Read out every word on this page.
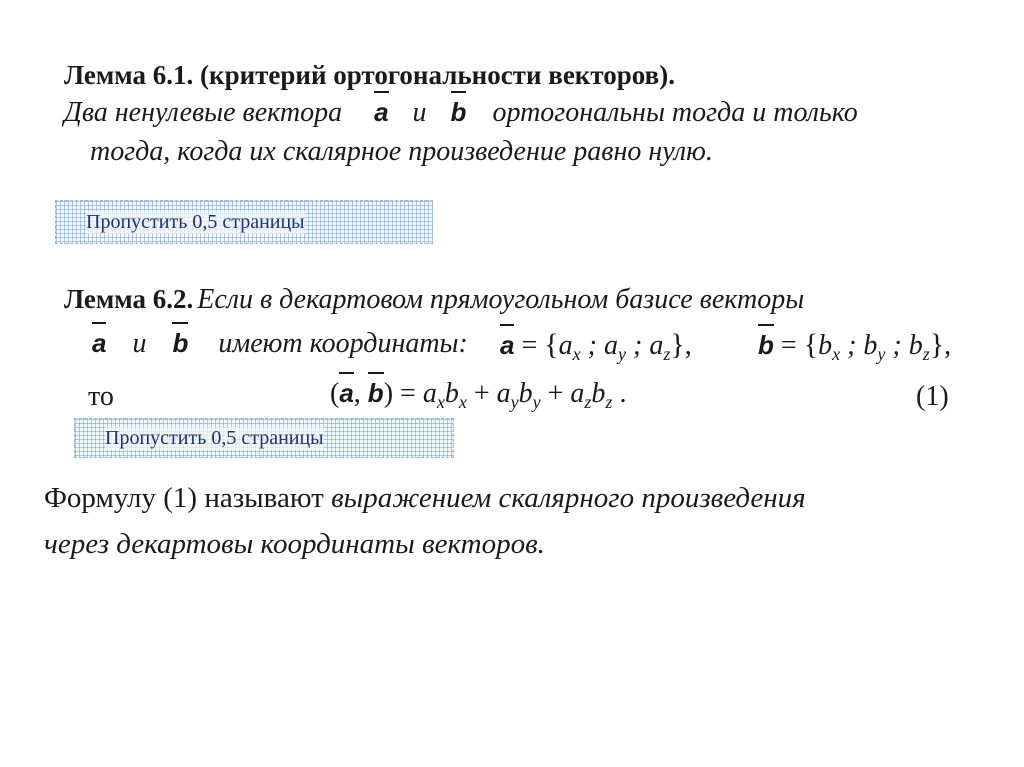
Лемма 6.1. (критерий ортогональности векторов).
Два ненулевые вектора a и b ортогональны тогда и только
тогда, когда их скалярное произведение равно нулю.
Пропустить 0,5 страницы
Лемма 6.2. Если в декартовом прямоугольном базисе векторы
a и b имеют координаты: $a = \{a_x$ ; $a_y$ ; $a_z$},	$b = \{b_x$ ; $b_y$ ; $b_z$},
то	(
a, $b) = a_xb_x + a_yb_y + a_zb_z$ .	(1)
Пропустить 0,5 страницы
Формулу (1) называют выражением скалярного произведения
через декартовы координаты векторов.
